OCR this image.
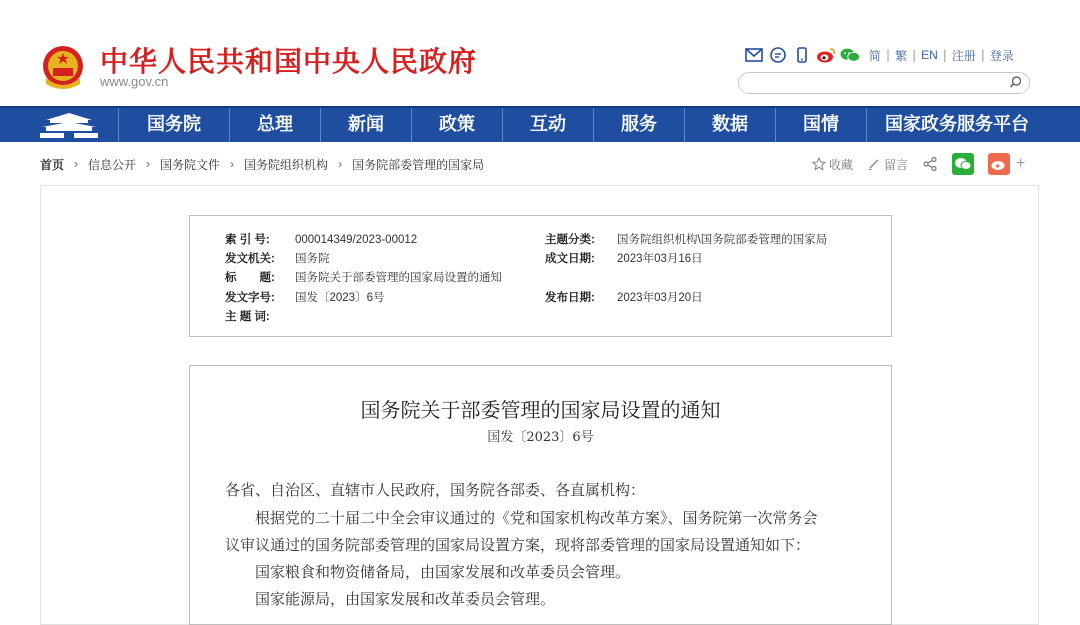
中华人民共和国中央人民政府
www.gov.cn
简 | 繁 | EN | 注册 | 登录
国务院	总理	新闻	政策	互动	服务	数据	国情	国家政务服务平台
首页 › 信息公开 › 国务院文件 › 国务院组织机构 › 国务院部委管理的国家局	收藏	留言	+
索 引 号: 000014349/2023-00012	主题分类: 国务院组织机构\国务院部委管理的国家局
发文机关: 国务院	成文日期: 2023年03月16日
标　　题: 国务院关于部委管理的国家局设置的通知
发文字号: 国发〔2023〕6号	发布日期: 2023年03月20日
主 题 词:
国务院关于部委管理的国家局设置的通知
国发〔2023〕6号
各省、自治区、直辖市人民政府，国务院各部委、各直属机构：
　　根据党的二十届二中全会审议通过的《党和国家机构改革方案》、国务院第一次常务会
议审议通过的国务院部委管理的国家局设置方案，现将部委管理的国家局设置通知如下：
　　国家粮食和物资储备局，由国家发展和改革委员会管理。
　　国家能源局，由国家发展和改革委员会管理。
